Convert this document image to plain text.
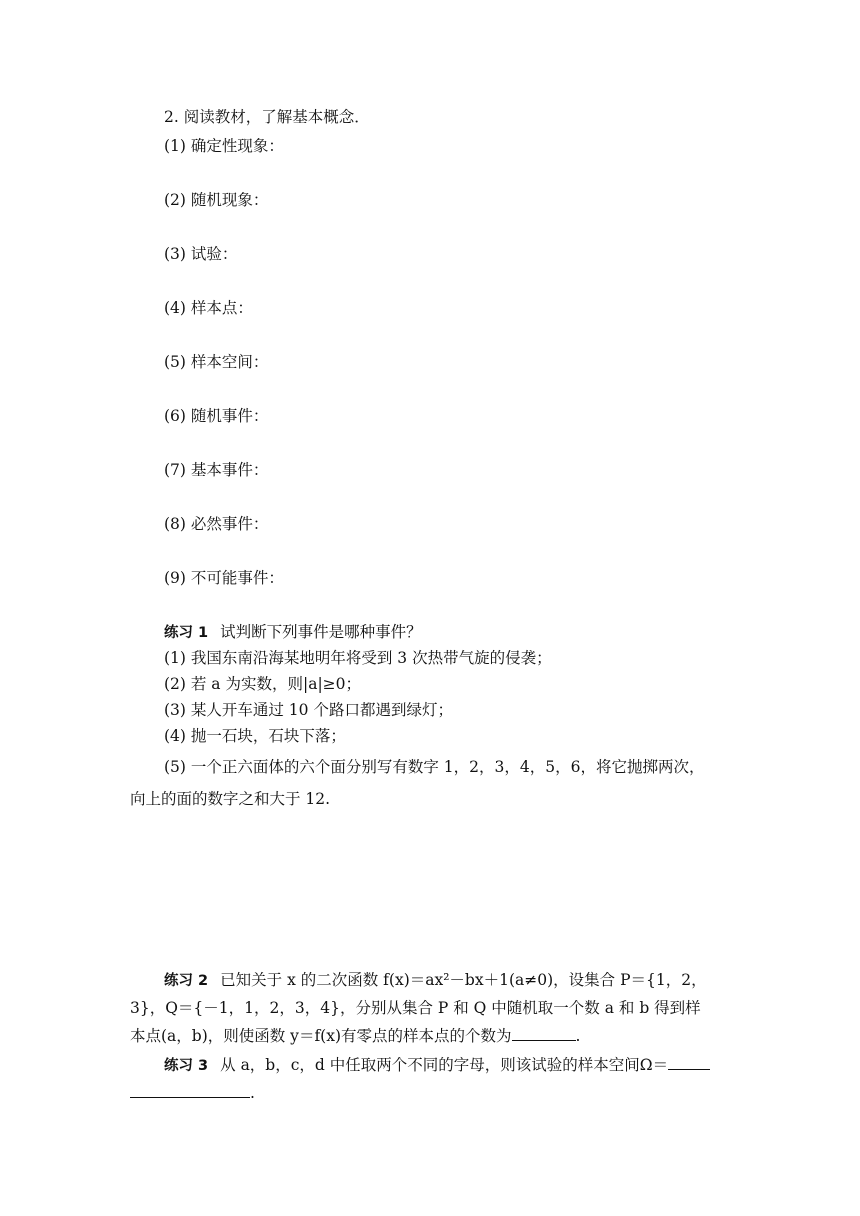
2. 阅读教材，了解基本概念．
(1) 确定性现象：
(2) 随机现象：
(3) 试验：
(4) 样本点：
(5) 样本空间：
(6) 随机事件：
(7) 基本事件：
(8) 必然事件：
(9) 不可能事件：
练习 1 试判断下列事件是哪种事件？
(1) 我国东南沿海某地明年将受到 3 次热带气旋的侵袭；
(2) 若 a 为实数，则|a|≥0；
(3) 某人开车通过 10 个路口都遇到绿灯；
(4) 抛一石块，石块下落；
(5) 一个正六面体的六个面分别写有数字 1，2，3，4，5，6，将它抛掷两次，
向上的面的数字之和大于 12.
练习 2 已知关于 x 的二次函数 f(x)＝ax²－bx＋1(a≠0)，设集合 P＝{1，2，
3}，Q＝{－1，1，2，3，4}，分别从集合 P 和 Q 中随机取一个数 a 和 b 得到样
本点(a，b)，则使函数 y＝f(x)有零点的样本点的个数为	.
练习 3 从 a，b，c，d 中任取两个不同的字母，则该试验的样本空间Ω＝
.
